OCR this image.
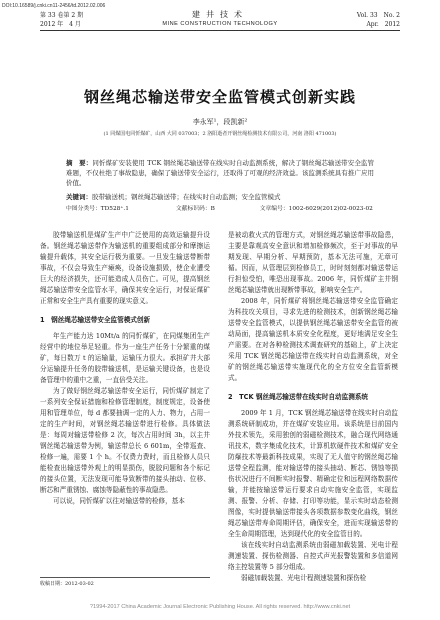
DOI:10.16589/j.cnki.cn11-2456/td.2012.02.006
第 33 卷第 2 期
2012 年　4 月
建井技术
MINE CONSTRUCTION TECHNOLOGY
Vol. 33　No. 2
Apr.　2012
钢丝绳芯输送带安全监管模式创新实践
李永军¹，段凯新²
(1 同煤国电同忻煤矿，山西 大同 037003；2 洛阳逝者开钢丝绳检测技术有限公司，河南 洛阳 471003)
摘　要：同忻煤矿安装使用 TCK 钢丝绳芯输送带在线实时自动监测系统，解决了钢丝绳芯输送带安全监管难题，不仅杜绝了事故隐患，确保了输送带安全运行，还取得了可观的经济效益。该监测系统具有推广应用价值。
关键词：胶带输送机；钢丝绳芯输送带；在线实时自动监测；安全监管模式
中图分类号：TD528⁺.1	文献标识码：B	文章编号：1002-6029(2012)02-0023-02

胶带输送机是煤矿生产中广泛使用的高效运输提升设备。钢丝绳芯输送带作为输送机的重要组成部分和摩擦运输提升载体，其安全运行极为重要。一旦发生输送带断带事故，不仅会导致生产瘫痪，设备设施损毁，使企业遭受巨大的经济损失，还可能造成人员伤亡。可见，提高钢丝绳芯输送带安全监管水平，确保其安全运行，对保证煤矿正常和安全生产具有重要的现实意义。

1　钢丝绳芯输送带安全监管模式创新

年生产能力达 10Mt/a 的同忻煤矿，在同煤集团生产经营中的地位举足轻重。作为一座生产任务十分繁重的煤矿，每日数万 t 的运输量，运输压力很大。承担矿井大部分运输提升任务的胶带输送机，是运输关键设备，也是设备管理中的重中之重，一直倍受关注。

为了做好钢丝绳芯输送带安全运行，同忻煤矿制定了一系列安全保证措施和检修管理制度，制度规定，设备使用和管理单位，每 d 都要抽调一定的人力、物力，占用一定的生产时间，对钢丝绳芯输送带进行检修。具体做法是：每周对输送带检修 2 次，每次占用时间 3h，以主井钢丝绳芯输送带为例，输送带总长 6 601m，全带巡查、检修一遍，需要 1 个 h。不仅费力费时，而且检修人员只能检查出输送带外观上的明显损伤，脱胶问题和各个标记的接头位置，无法发现可能导致断带的接头抽动、位移、断芯和严重锈蚀、腐蚀等隐蔽性的事故隐患。

可以说，同忻煤矿以往对输送带的检修，基本

是被动救火式的管理方式，对钢丝绳芯输送带事故隐患，主要是靠观高安全意识和增加检修频次，至于对事故的早期发现、早期分析、早期预防，基本无法可施，无章可循。因而，从管理层到检修员工，时时刻刻都对输送带运行担惊受怕，唯恐出现事故。2006 年，同忻煤矿主井钢丝绳芯输送带就出现断带事故，影响安全生产。

2008 年，同忻煤矿将钢丝绳芯输送带安全监管确定为科技攻关项目，寻求先进的检测技术，创新钢丝绳芯输送带安全监管模式，以提供钢丝绳芯输送带安全监管的被动局面，提高输送机本质安全化程度，更好地满足安全生产需要。在对各种检测技术调查研究的基础上，矿上决定采用 TCK 钢丝绳芯输送带在线实时自动监测系统，对全矿的钢丝绳芯输送带实施现代化的全方位安全监管新模式。

2　TCK 钢丝绳芯输送带在线实时自动监测系统

2009 年 1 月，TCK 钢丝绳芯输送带在线实时自动监测系统研制成功，并在煤矿安装应用。该系统是目前国内外技术领先，采用独创的弱磁检测技术，融合现代网络通讯技术，数字集成化技术，计算机软硬件技术和煤矿安全防爆技术等最新科技成果，实现了无人值守的钢丝绳芯输送带全程监测，能对输送带的接头抽动、断芯、锈蚀等损伤状况进行不间断实时报警、精确定位和远程网络数据传输，并能按输送带运行要求自动实施安全监管，实现监测、报警、分析、存储、打印等功能，显示实时动态检测图像，实时提供输送带接头各项数据参数变化曲线，钢丝绳芯输送带寿命周期评估，确保安全，进而实现输送带的全生命周期管理，达到现代化的安全监管目的。

该在线实时自动监测系统由弱磁加载装置、光电计程测速装置、探伤检测器、自控式声光报警装置和多信道网络主控装置等 5 部分组成。

弱磁加载装置、光电计程测速装置和探伤检

收稿日期：2012-03-02
?1994-2017 China Academic Journal Electronic Publishing House. All rights reserved. http://www.cnki.net
